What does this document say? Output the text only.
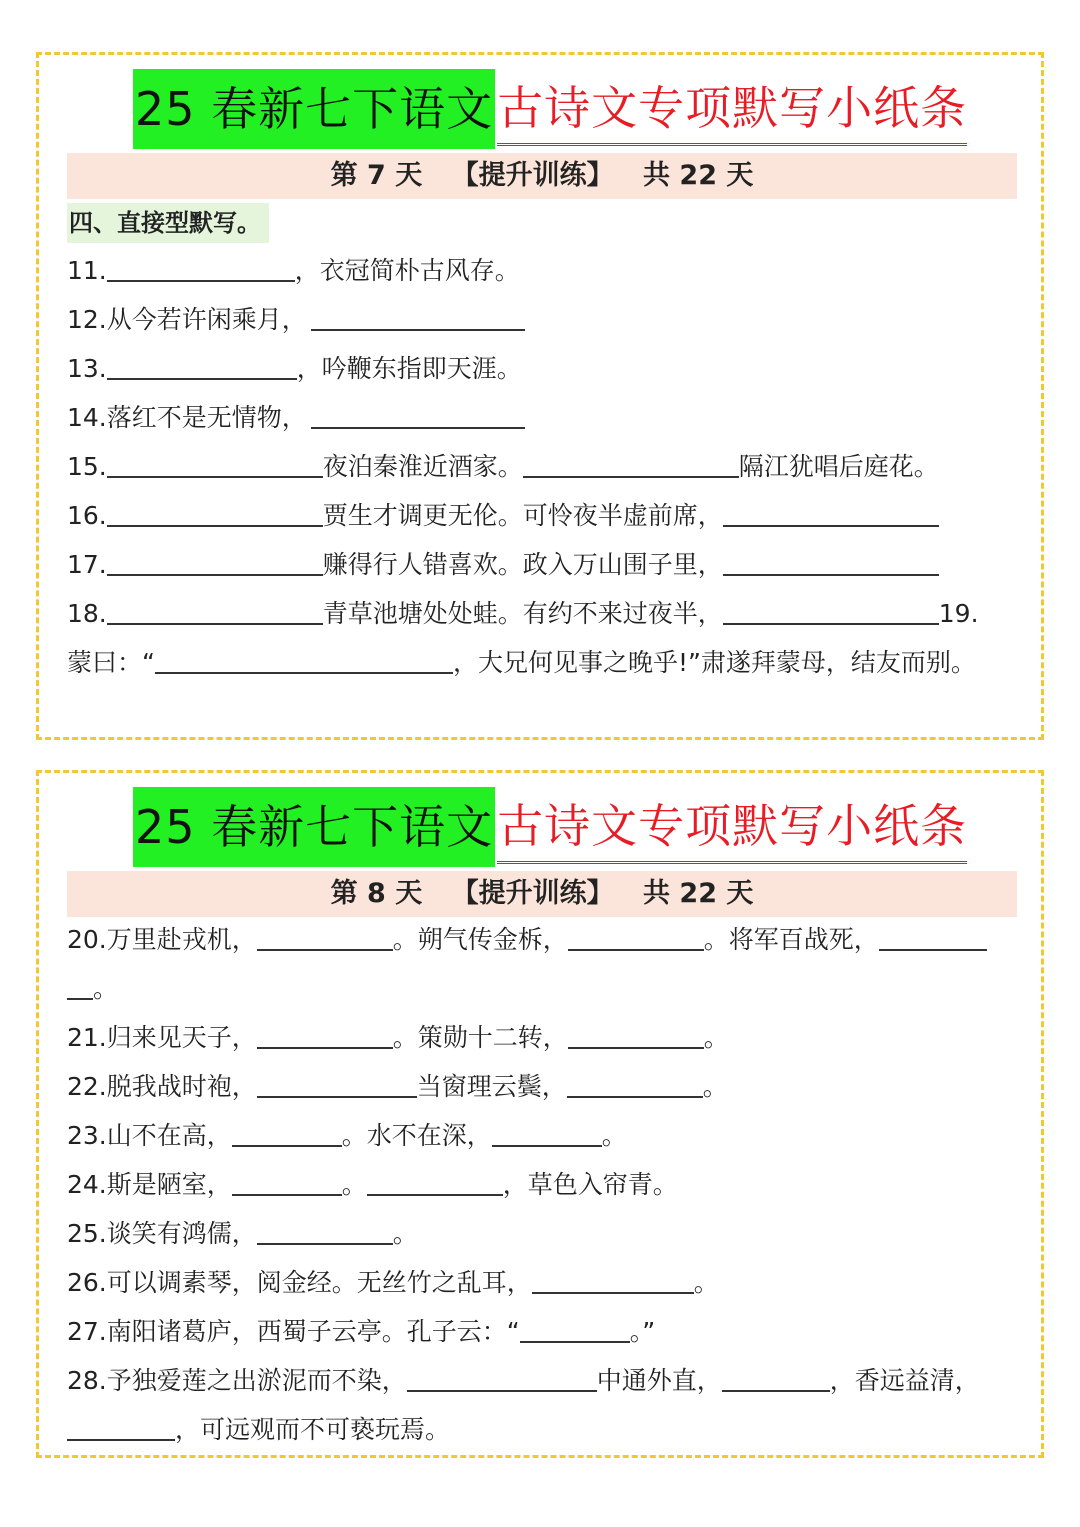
25 春新七下语文 古诗文专项默写小纸条
第 7 天 【提升训练】 共 22 天
四、直接型默写。
11.	，衣冠简朴古风存。
12.从今若许闲乘月，
13.	，吟鞭东指即天涯。
14.落红不是无情物，
15.	夜泊秦淮近酒家。	隔江犹唱后庭花。
16.	贾生才调更无伦。可怜夜半虚前席，
17.	赚得行人错喜欢。政入万山围子里，
18.	青草池塘处处蛙。有约不来过夜半，	19.
蒙曰：“	，大兄何见事之晚乎!”肃遂拜蒙母，结友而别。
25 春新七下语文 古诗文专项默写小纸条
第 8 天 【提升训练】 共 22 天
20.万里赴戎机，	。朔气传金柝，	。将军百战死，
。
21.归来见天子，	。策勋十二转，	。
22.脱我战时袍，	当窗理云鬓，	。
23.山不在高，	。水不在深，	。
24.斯是陋室，	。	，草色入帘青。
25.谈笑有鸿儒，	。
26.可以调素琴，阅金经。无丝竹之乱耳，	。
27.南阳诸葛庐，西蜀子云亭。孔子云：“	。”
28.予独爱莲之出淤泥而不染，	中通外直，	，香远益清，
，可远观而不可亵玩焉。
